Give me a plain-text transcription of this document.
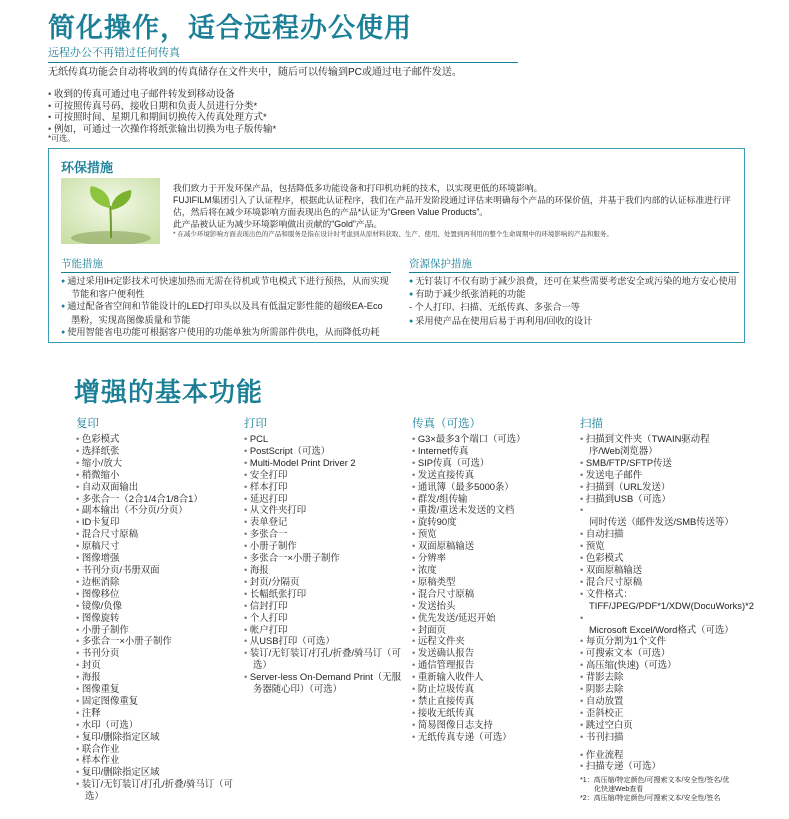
简化操作，适合远程办公使用
远程办公不再错过任何传真
无纸传真功能会自动将收到的传真储存在文件夹中，随后可以传输到PC或通过电子邮件发送。
• 收到的传真可通过电子邮件转发到移动设备
• 可按照传真号码、接收日期和负责人员进行分类*
• 可按照时间、星期几和期间切换传入传真处理方式*
• 例如，可通过一次操作将纸张输出切换为电子版传输*
*可选。
环保措施
我们致力于开发环保产品，包括降低多功能设备和打印机功耗的技术，以实现更低的环境影响。
FUJIFILM集团引入了认证程序，根据此认证程序，我们在产品开发阶段通过评估来明确每个产品的环保价值，并基于我们内部的认证标准进行评估，然后将在减少环境影响方面表现出色的产品*认证为“Green Value Products”。
此产品被认证为减少环境影响做出贡献的“Gold”产品。
* 在减少环境影响方面表现出色的产品和服务是指在设计时考虑到从原材料获取、生产、使用、处置到再利用的整个生命周期中的环境影响的产品和服务。
节能措施
● 通过采用IH定影技术可快速加热而无需在待机或节电模式下进行预热，从而实现节能和客户便利性
● 通过配备省空间和节能设计的LED打印头以及具有低温定影性能的超级EA-Eco墨粉，实现高图像质量和节能
● 使用智能省电功能可根据客户使用的功能单独为所需部件供电，从而降低功耗
资源保护措施
● 无钉装订不仅有助于减少浪费，还可在某些需要考虑安全或污染的地方安心使用
● 有助于减少纸张消耗的功能
- 个人打印、扫描、无纸传真、多张合一等
● 采用使产品在使用后易于再利用/回收的设计
增强的基本功能
复印
• 色彩模式
• 选择纸张
• 缩小/放大
• 稍微缩小
• 自动双面输出
• 多张合一（2合1/4合1/8合1）
• 副本输出（不分页/分页）
• ID卡复印
• 混合尺寸原稿
• 原稿尺寸
• 图像增强
• 书刊分页/书册双面
• 边框消除
• 图像移位
• 镜像/负像
• 图像旋转
• 小册子制作
• 多张合一×小册子制作
• 书刊分页
• 封页
• 海报
• 图像重复
• 固定图像重复
• 注释
• 水印（可选）
• 复印/删除指定区域
• 联合作业
• 样本作业
• 复印/删除指定区域
• 装订/无钉装订/打孔/折叠/骑马订（可选）
打印
• PCL
• PostScript（可选）
• Multi-Model Print Driver 2
• 安全打印
• 样本打印
• 延迟打印
• 从文件夹打印
• 表单登记
• 多张合一
• 小册子制作
• 多张合一×小册子制作
• 海报
• 封页/分隔页
• 长幅纸张打印
• 信封打印
• 个人打印
• 帐户打印
• 从USB打印（可选）
• 装订/无钉装订/打孔/折叠/骑马订（可选）
• Server-less On-Demand Print（无服务器随心印）（可选）
传真（可选）
• G3×最多3个端口（可选）
• Internet传真
• SIP传真（可选）
• 发送直接传真
• 通讯簿（最多5000条）
• 群发/组传输
• 重拨/重送未发送的文档
• 旋转90度
• 预览
• 双面原稿输送
• 分辨率
• 浓度
• 原稿类型
• 混合尺寸原稿
• 发送抬头
• 优先发送/延迟开始
• 封面页
• 远程文件夹
• 发送确认报告
• 通信管理报告
• 重新输入收件人
• 防止垃圾传真
• 禁止直接传真
• 接收无纸传真
• 简易图像日志支持
• 无纸传真专递（可选）
扫描
• 扫描到文件夹（TWAIN驱动程序/Web浏览器）
• SMB/FTP/SFTP传送
• 发送电子邮件
• 扫描到（URL发送）
• 扫描到USB（可选）
• 同时传送（邮件发送/SMB传送等）
• 自动扫描
• 预览
• 色彩模式
• 双面原稿输送
• 混合尺寸原稿
• 文件格式：TIFF/JPEG/PDF*1/XDW(DocuWorks)*2
• Microsoft Excel/Word格式（可选）
• 每页分割为1个文件
• 可搜索文本（可选）
• 高压缩(快速)（可选）
• 背影去除
• 阴影去除
• 自动放置
• 歪斜校正
• 跳过空白页
• 书刊扫描
• 作业流程
• 扫描专递（可选）
*1：高压缩/特定颜色/可搜索文本/安全性/签名/优化快速Web查看
*2：高压缩/特定颜色/可搜索文本/安全性/签名
